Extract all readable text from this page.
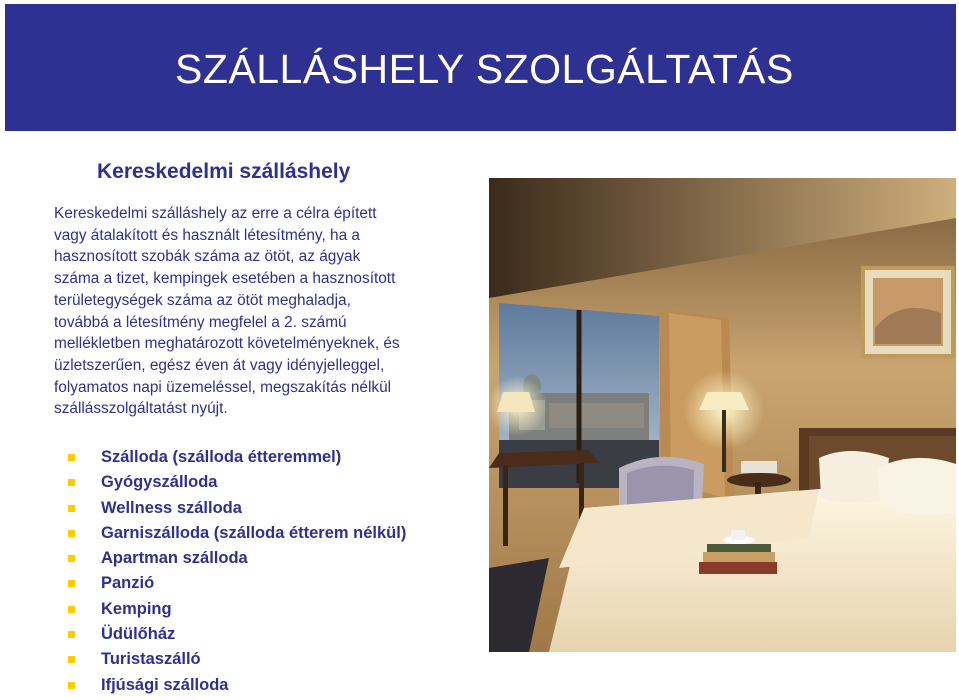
SZÁLLÁSHELY SZOLGÁLTATÁS
Kereskedelmi szálláshely

Kereskedelmi szálláshely az erre a célra épített
vagy átalakított és használt létesítmény, ha a
hasznosított szobák száma az ötöt, az ágyak
száma a tizet, kempingek esetében a hasznosított
területegységek száma az ötöt meghaladja,
továbbá a létesítmény megfelel a 2. számú
mellékletben meghatározott követelményeknek, és
üzletszerűen, egész éven át vagy idényjelleggel,
folyamatos napi üzemeléssel, megszakítás nélkül
szállásszolgáltatást nyújt.

Szálloda (szálloda étteremmel)
Gyógyszálloda
Wellness szálloda
Garniszálloda (szálloda étterem nélkül)
Apartman szálloda
Panzió
Kemping
Üdülőház
Turistaszálló
Ifjúsági szálloda
